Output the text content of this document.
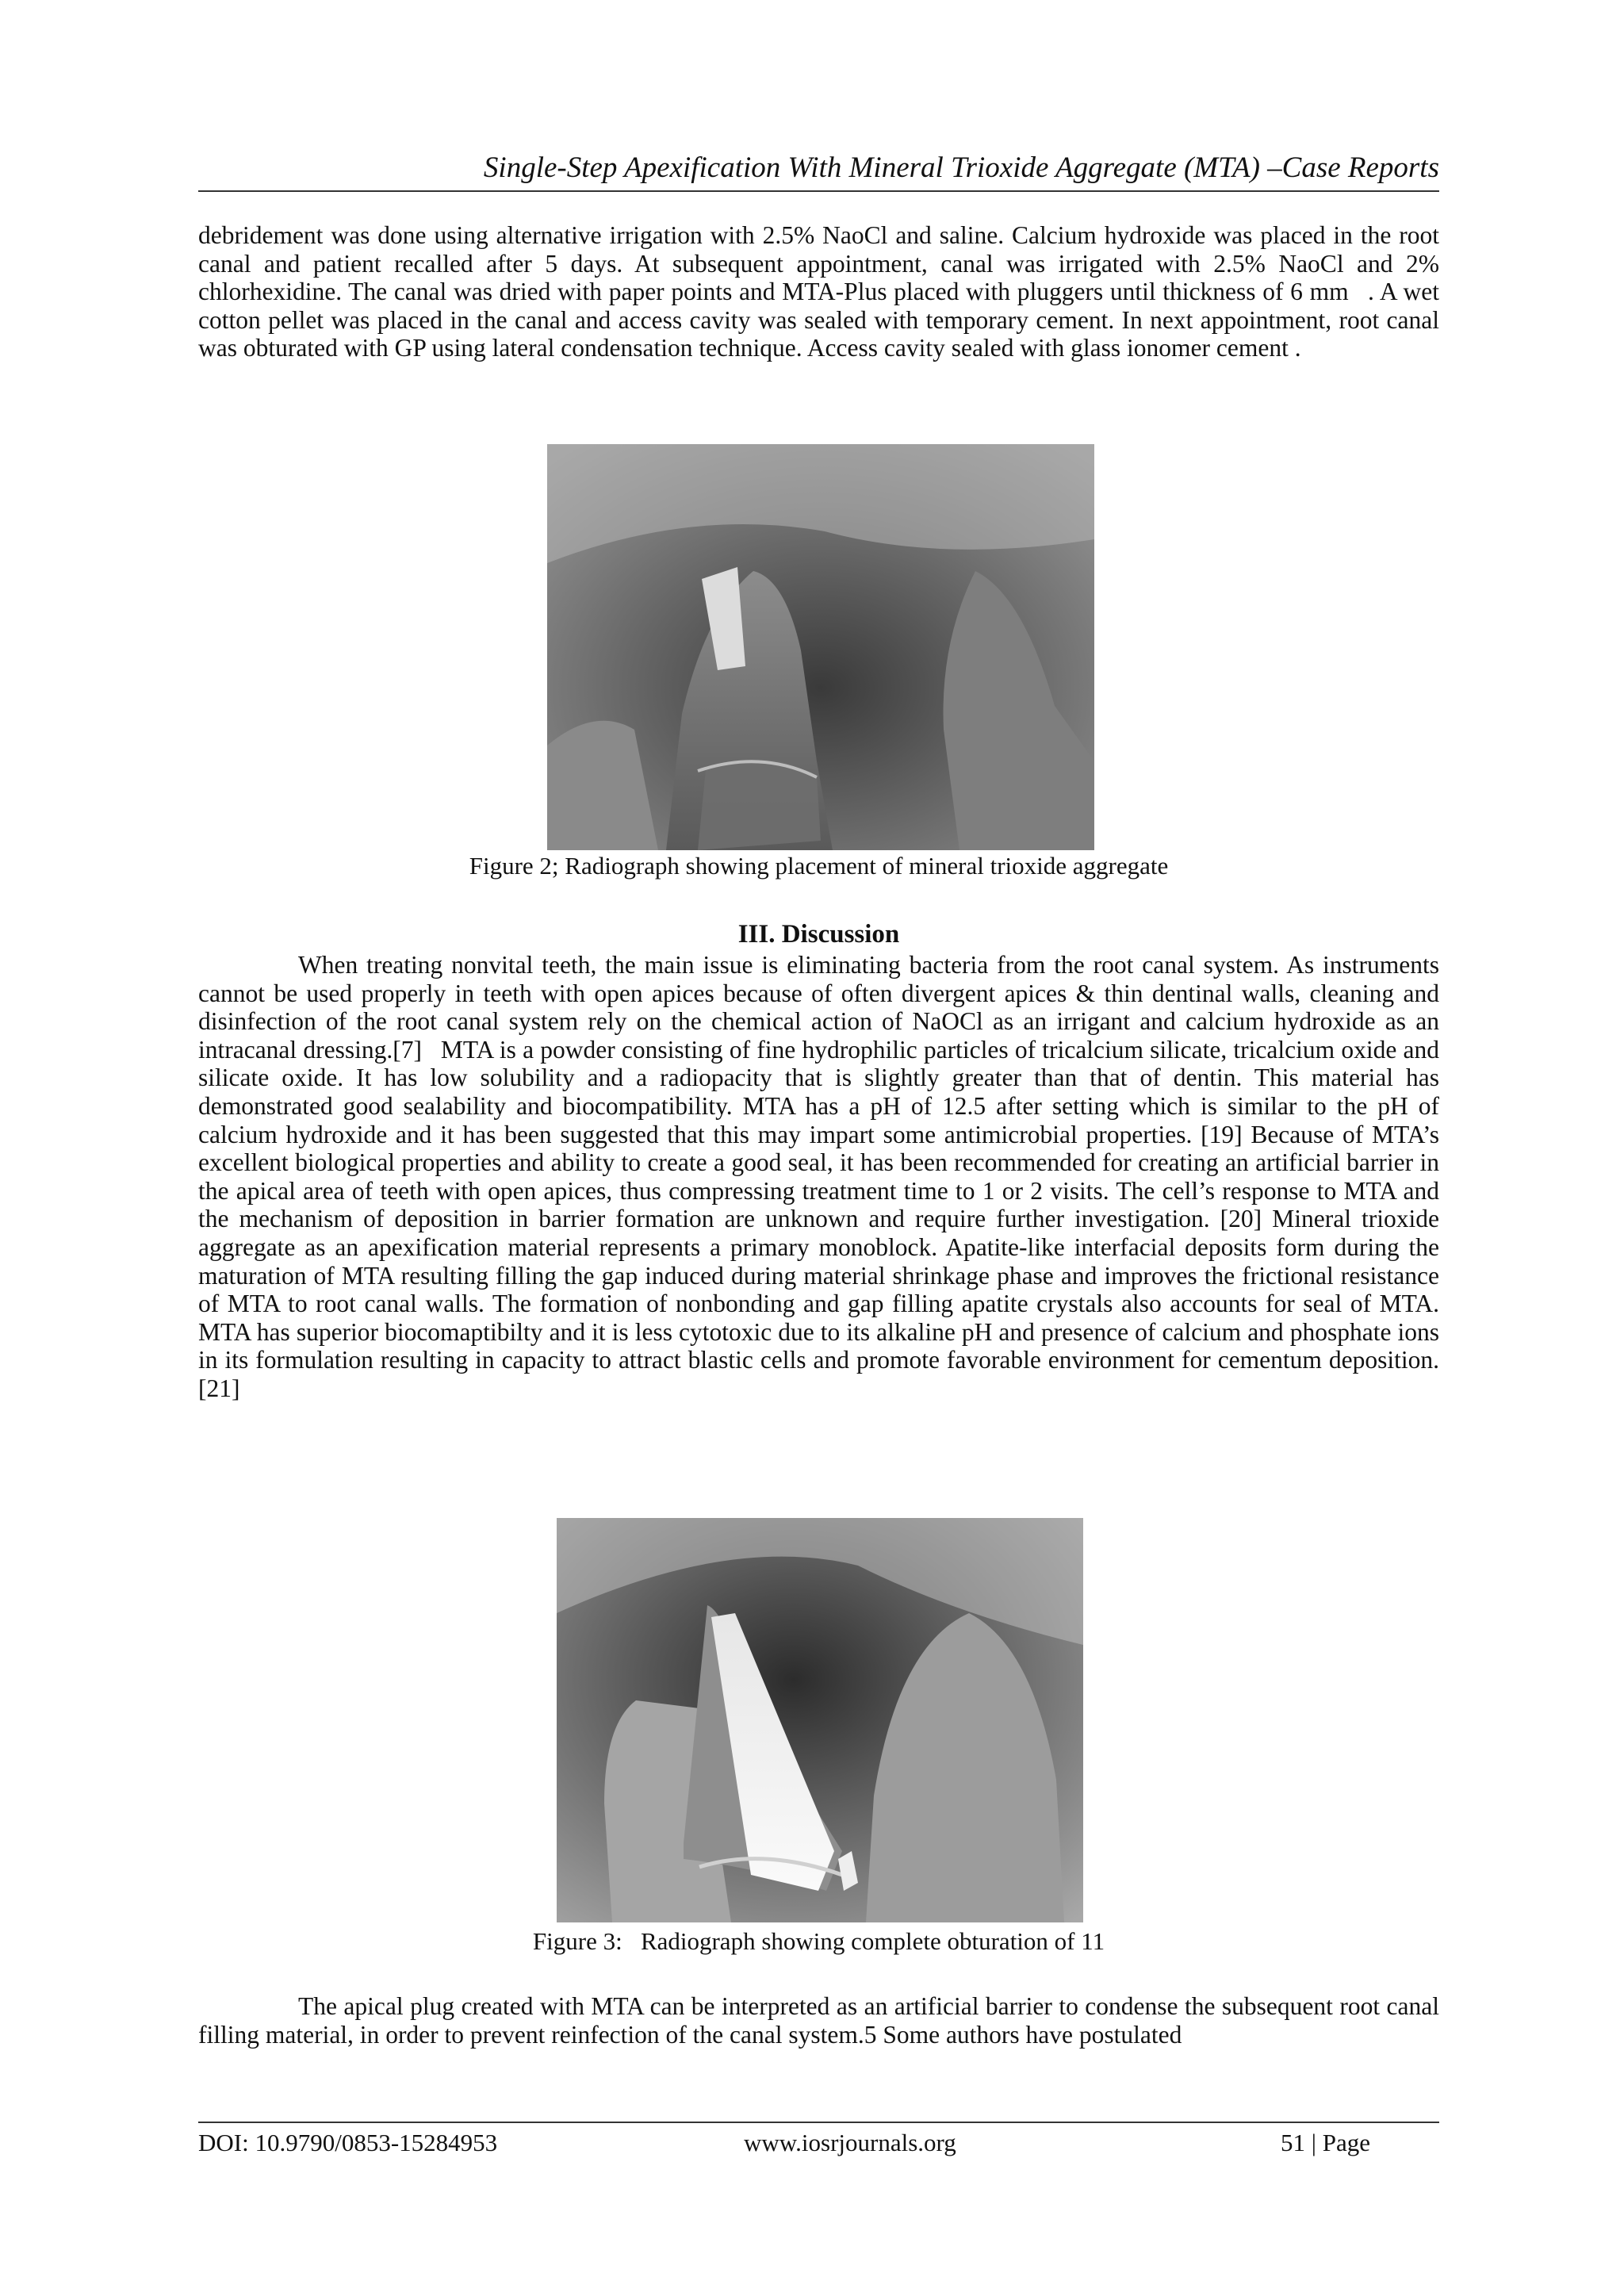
Single-Step Apexification With Mineral Trioxide Aggregate (MTA) –Case Reports

debridement was done using alternative irrigation with 2.5% NaoCl and saline. Calcium hydroxide was placed in the root canal and patient recalled after 5 days. At subsequent appointment, canal was irrigated with 2.5% NaoCl and 2% chlorhexidine. The canal was dried with paper points and MTA-Plus placed with pluggers until thickness of 6 mm  . A wet cotton pellet was placed in the canal and access cavity was sealed with temporary cement. In next appointment, root canal was obturated with GP using lateral condensation technique. Access cavity sealed with glass ionomer cement .

Figure 2; Radiograph showing placement of mineral trioxide aggregate
III. Discussion

When treating nonvital teeth, the main issue is eliminating bacteria from the root canal system. As instruments cannot be used properly in teeth with open apices because of often divergent apices & thin dentinal walls, cleaning and disinfection of the root canal system rely on the chemical action of NaOCl as an irrigant and calcium hydroxide as an intracanal dressing.[7]  MTA is a powder consisting of fine hydrophilic particles of tricalcium silicate, tricalcium oxide and silicate oxide. It has low solubility and a radiopacity that is slightly greater than that of dentin. This material has demonstrated good sealability and biocompatibility. MTA has a pH of 12.5 after setting which is similar to the pH of calcium hydroxide and it has been suggested that this may impart some antimicrobial properties. [19] Because of MTA’s excellent biological properties and ability to create a good seal, it has been recommended for creating an artificial barrier in the apical area of teeth with open apices, thus compressing treatment time to 1 or 2 visits. The cell’s response to MTA and the mechanism of deposition in barrier formation are unknown and require further investigation. [20] Mineral trioxide aggregate as an apexification material represents a primary monoblock. Apatite-like interfacial deposits form during the maturation of MTA resulting filling the gap induced during material shrinkage phase and improves the frictional resistance of MTA to root canal walls. The formation of nonbonding and gap filling apatite crystals also accounts for seal of MTA. MTA has superior biocomaptibilty and it is less cytotoxic due to its alkaline pH and presence of calcium and phosphate ions in its formulation resulting in capacity to attract blastic cells and promote favorable environment for cementum deposition. [21]

Figure 3:  Radiograph showing complete obturation of 11

The apical plug created with MTA can be interpreted as an artificial barrier to condense the subsequent root canal filling material, in order to prevent reinfection of the canal system.5 Some authors have postulated

DOI: 10.9790/0853-15284953	www.iosrjournals.org	51 | Page
